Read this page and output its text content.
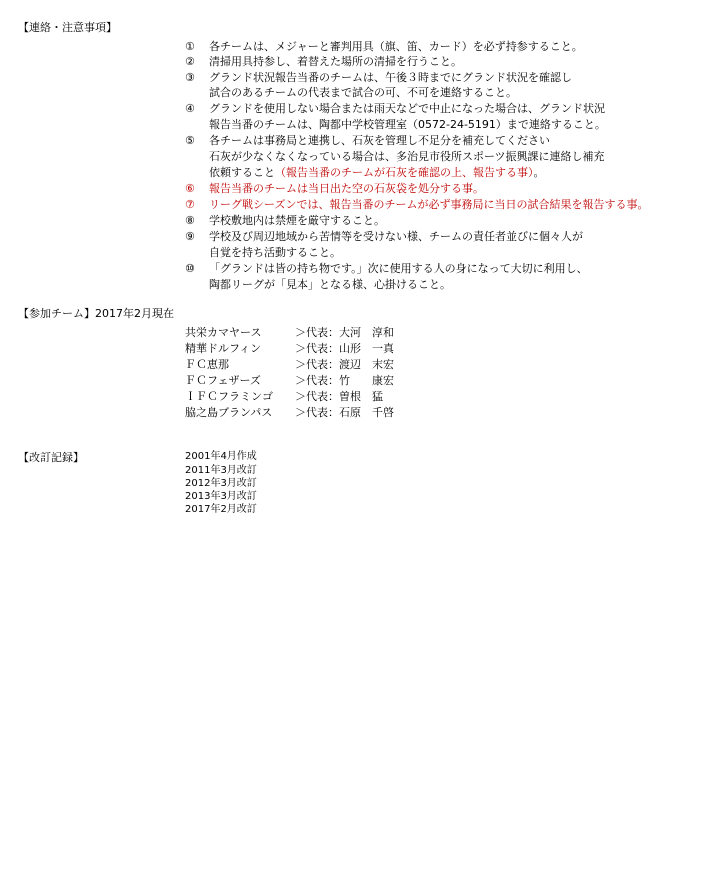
【連絡・注意事項】
① 各チームは、メジャーと審判用具（旗、笛、カード）を必ず持参すること。
② 清掃用具持参し、着替えた場所の清掃を行うこと。
③ グランド状況報告当番のチームは、午後３時までにグランド状況を確認し
試合のあるチームの代表まで試合の可、不可を連絡すること。
④ グランドを使用しない場合または雨天などで中止になった場合は、グランド状況
報告当番のチームは、陶都中学校管理室（0572-24-5191）まで連絡すること。
⑤ 各チームは事務局と連携し、石灰を管理し不足分を補充してください
石灰が少なくなくなっている場合は、多治見市役所スポーツ振興課に連絡し補充
依頼すること（報告当番のチームが石灰を確認の上、報告する事）。
⑥ 報告当番のチームは当日出た空の石灰袋を処分する事。
⑦ リーグ戦シーズンでは、報告当番のチームが必ず事務局に当日の試合結果を報告する事。
⑧ 学校敷地内は禁煙を厳守すること。
⑨ 学校及び周辺地域から苦情等を受けない様、チームの責任者並びに個々人が
自覚を持ち活動すること。
⑩ 「グランドは皆の持ち物です。」次に使用する人の身になって大切に利用し、
陶都リーグが「見本」となる様、心掛けること。
【参加チーム】2017年2月現在
共栄カマヤース	＞代表：大河　淳和
精華ドルフィン	＞代表：山形　一真
ＦＣ恵那	＞代表：渡辺　末宏
ＦＣフェザーズ	＞代表：竹　　康宏
ＩＦＣフラミンゴ ＞代表：曽根　猛
脇之島ブランパス ＞代表：石原　千啓
【改訂記録】	2001年4月作成
2011年3月改訂
2012年3月改訂
2013年3月改訂
2017年2月改訂
